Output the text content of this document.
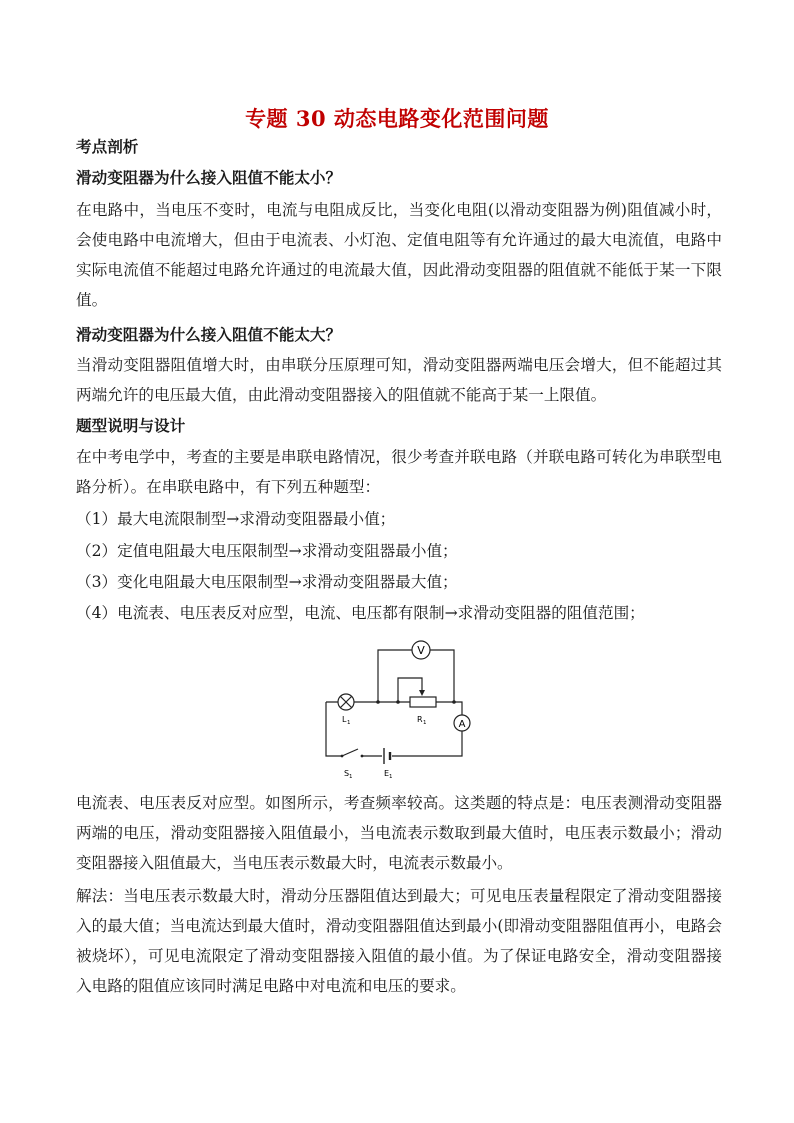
专题 30 动态电路变化范围问题
考点剖析
滑动变阻器为什么接入阻值不能太小？
在电路中，当电压不变时，电流与电阻成反比，当变化电阻(以滑动变阻器为例)阻值减小时，会使电路中电流增大，但由于电流表、小灯泡、定值电阻等有允许通过的最大电流值，电路中实际电流值不能超过电路允许通过的电流最大值，因此滑动变阻器的阻值就不能低于某一下限值。
滑动变阻器为什么接入阻值不能太大？
当滑动变阻器阻值增大时，由串联分压原理可知，滑动变阻器两端电压会增大，但不能超过其两端允许的电压最大值，由此滑动变阻器接入的阻值就不能高于某一上限值。
题型说明与设计
在中考电学中，考查的主要是串联电路情况，很少考查并联电路（并联电路可转化为串联型电路分析）。在串联电路中，有下列五种题型：
（1）最大电流限制型→求滑动变阻器最小值；
（2）定值电阻最大电压限制型→求滑动变阻器最小值；
（3）变化电阻最大电压限制型→求滑动变阻器最大值；
（4）电流表、电压表反对应型，电流、电压都有限制→求滑动变阻器的阻值范围；
V
L 1	R 1	A
S 1	E 1
电流表、电压表反对应型。如图所示，考查频率较高。这类题的特点是：电压表测滑动变阻器两端的电压，滑动变阻器接入阻值最小，当电流表示数取到最大值时，电压表示数最小；滑动变阻器接入阻值最大，当电压表示数最大时，电流表示数最小。
解法：当电压表示数最大时，滑动分压器阻值达到最大；可见电压表量程限定了滑动变阻器接入的最大值；当电流达到最大值时，滑动变阻器阻值达到最小(即滑动变阻器阻值再小，电路会被烧坏），可见电流限定了滑动变阻器接入阻值的最小值。为了保证电路安全，滑动变阻器接入电路的阻值应该同时满足电路中对电流和电压的要求。
